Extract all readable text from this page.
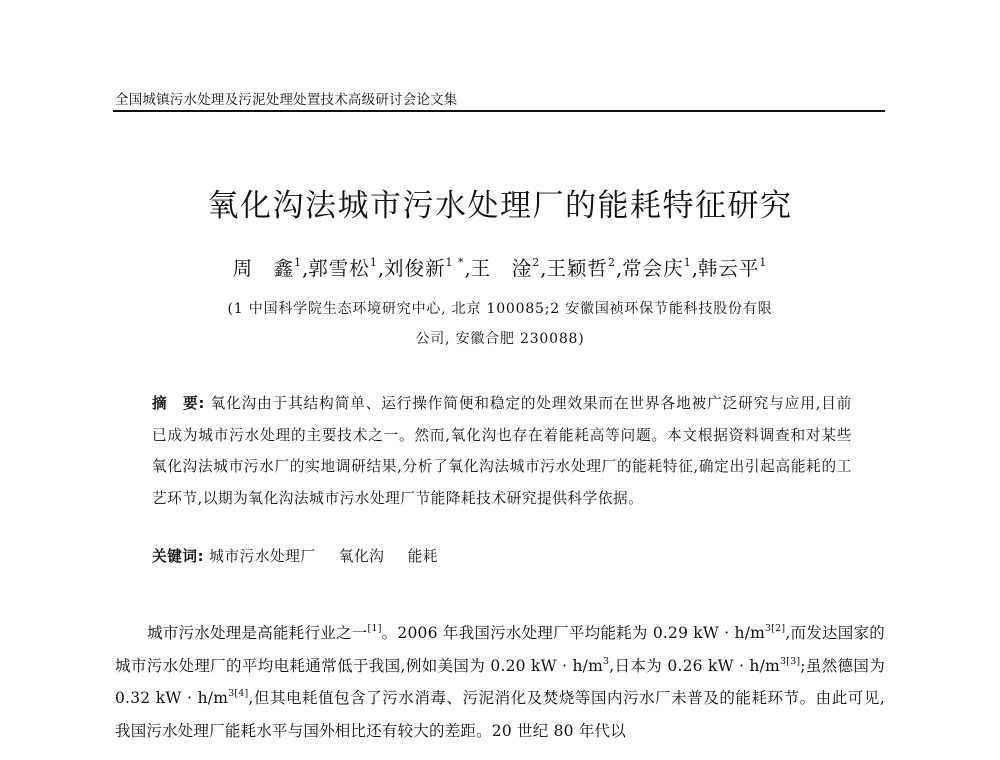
全国城镇污水处理及污泥处理处置技术高级研讨会论文集
氧化沟法城市污水处理厂的能耗特征研究
周　鑫$^1$,郭雪松$^1$,刘俊新$^{1 *}$,王　淦$^2$,王颖哲$^2$,常会庆$^1$,韩云平$^1$
(1 中国科学院生态环境研究中心, 北京 100085;2 安徽国祯环保节能科技股份有限
公司, 安徽合肥 230088)
摘　要: 氧化沟由于其结构简单、运行操作简便和稳定的处理效果而在世界各地被广泛研究与应用,目前已成为城市污水处理的主要技术之一。然而,氧化沟也存在着能耗高等问题。本文根据资料调查和对某些氧化沟法城市污水厂的实地调研结果,分析了氧化沟法城市污水处理厂的能耗特征,确定出引起高能耗的工艺环节,以期为氧化沟法城市污水处理厂节能降耗技术研究提供科学依据。
关键词: 城市污水处理厂 氧化沟 能耗
城市污水处理是高能耗行业之一[1]。2006 年我国污水处理厂平均能耗为 0.29 kW · $h/m^{3[2]}$,而发达国家的城市污水处理厂的平均电耗通常低于我国,例如美国为 0.20 kW · $h/m^3$,日本为 0.26 kW · $h/m^{3[3]}$;虽然德国为 0.32 kW · $h/m^{3[4]}$,但其电耗值包含了污水消毒、污泥消化及焚烧等国内污水厂未普及的能耗环节。由此可见,我国污水处理厂能耗水平与国外相比还有较大的差距。20 世纪 80 年代以
